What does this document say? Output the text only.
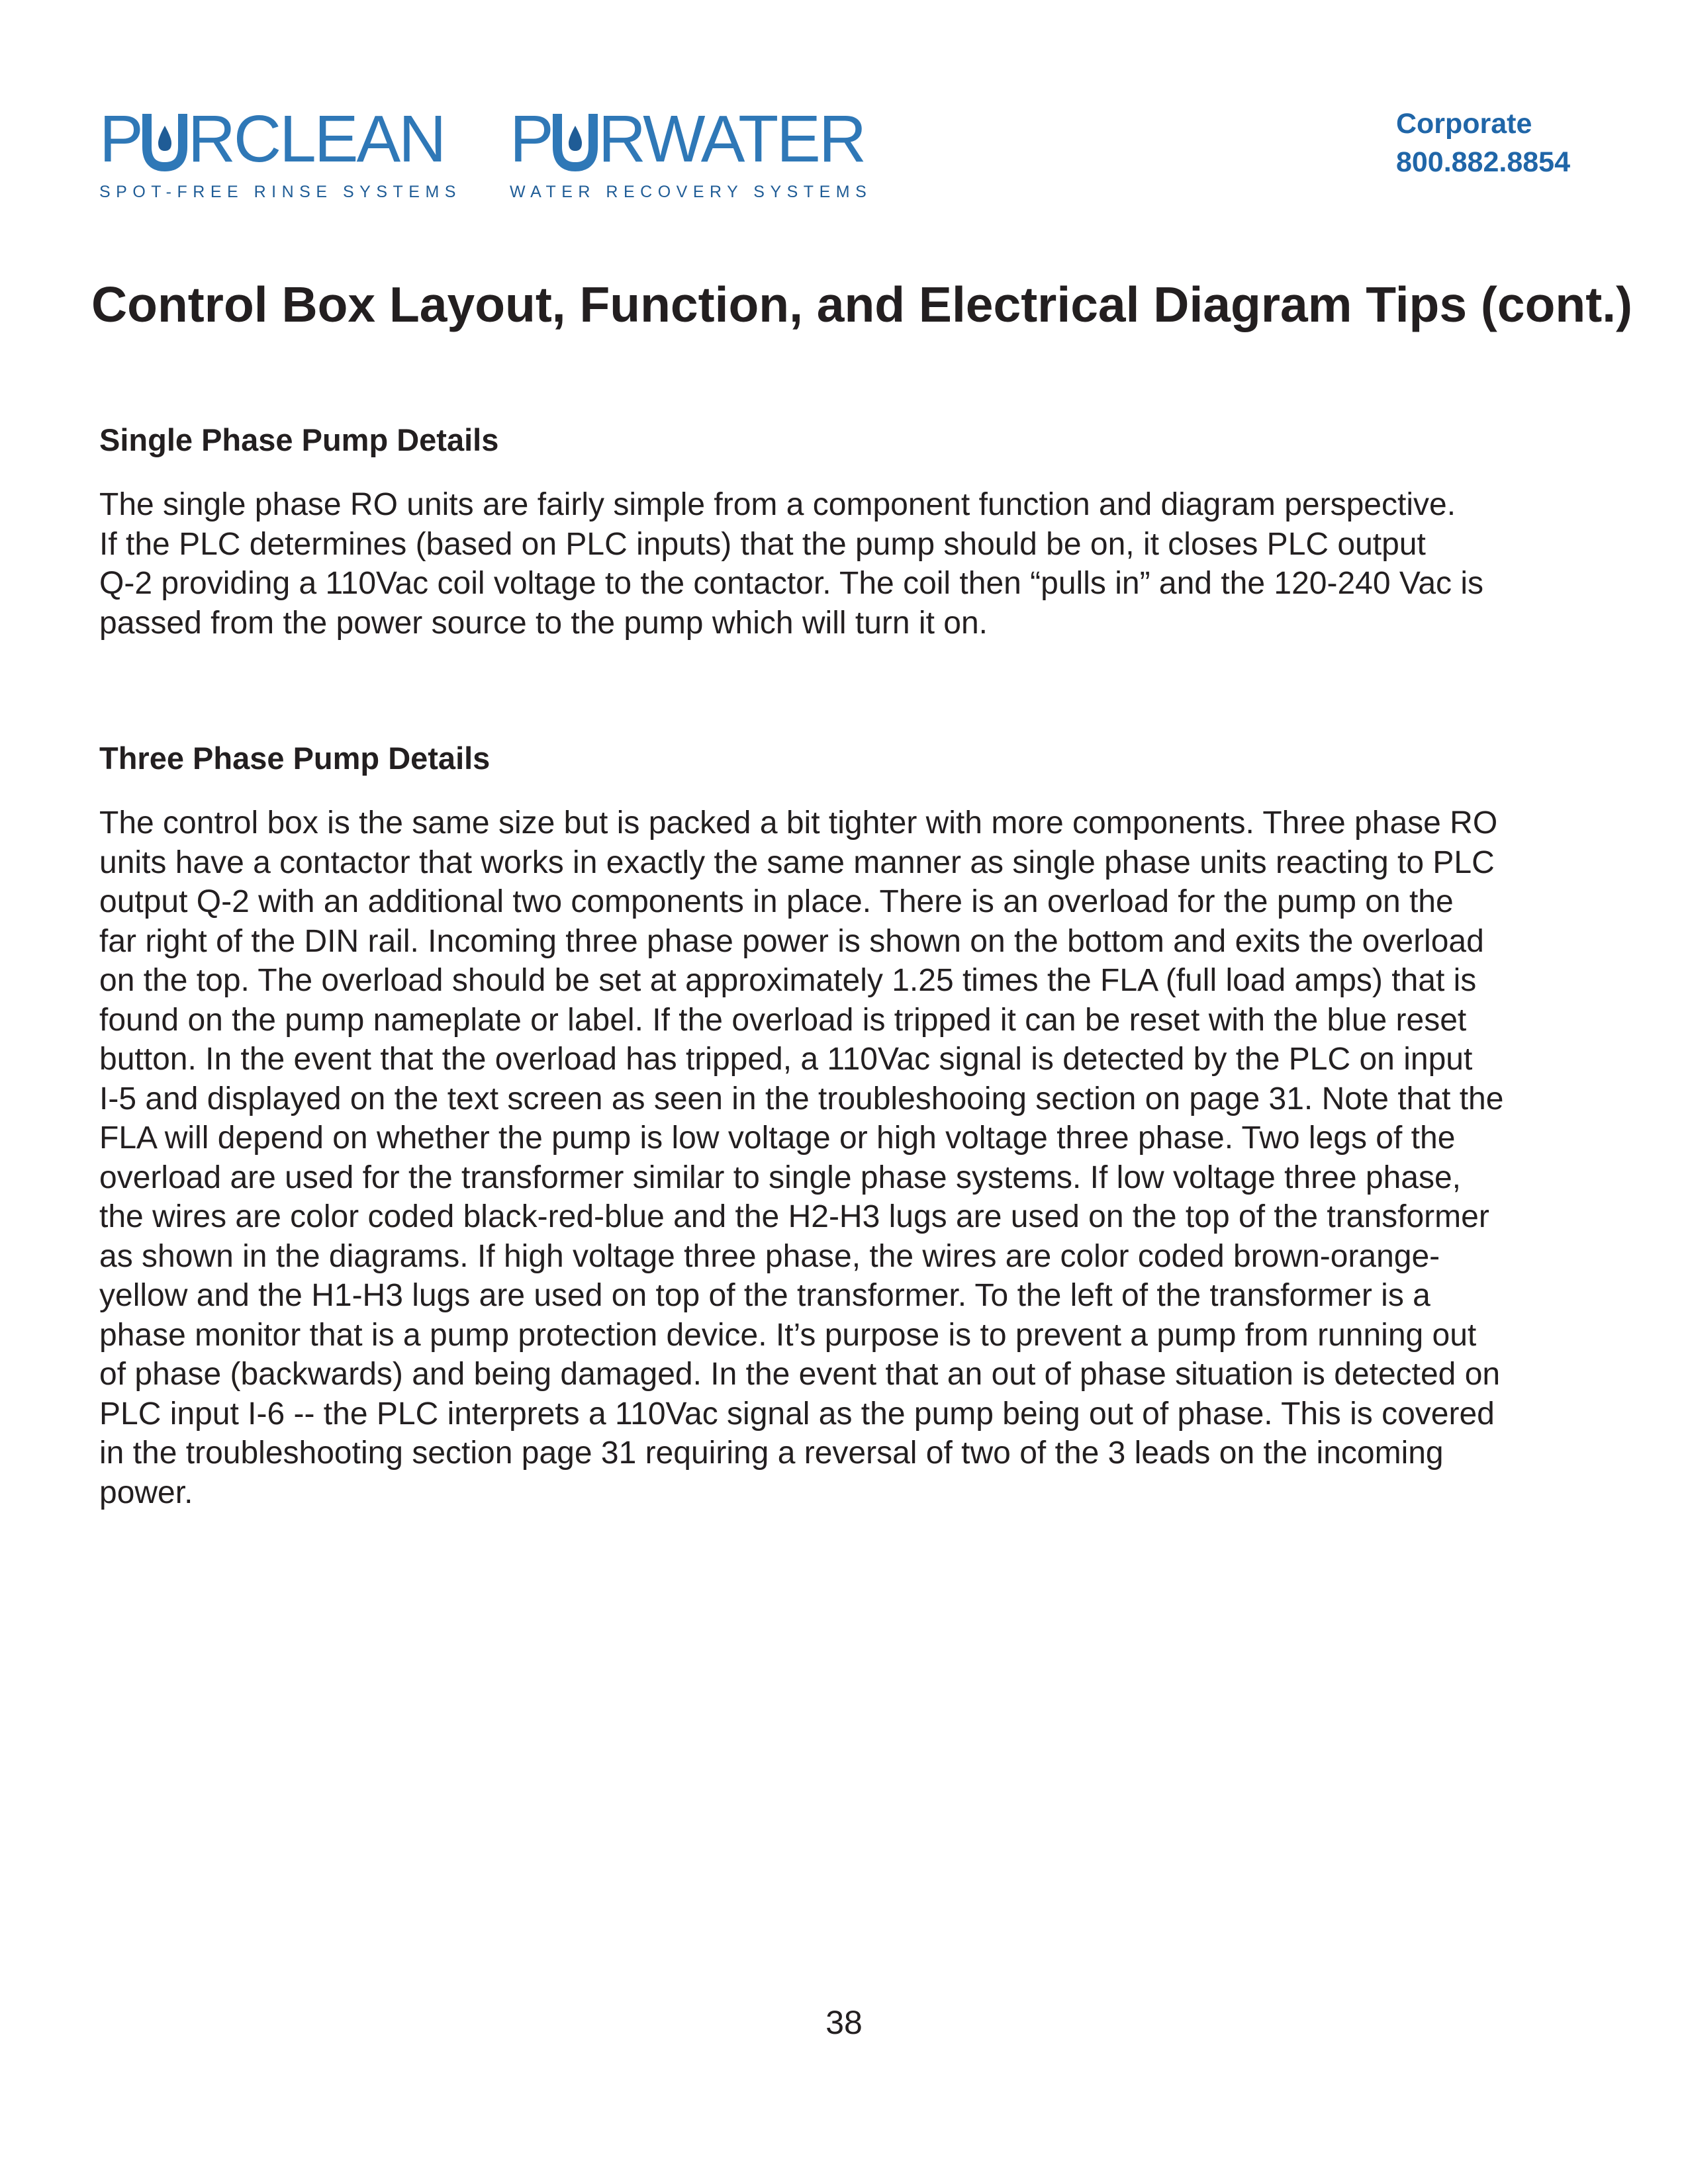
P RCLEAN
SPOT-FREE RINSE SYSTEMS
P RWATER
WATER RECOVERY SYSTEMS
Corporate
800.882.8854
Control Box Layout, Function, and Electrical Diagram Tips (cont.)
Single Phase Pump Details

The single phase RO units are fairly simple from a component function and diagram perspective.
If the PLC determines (based on PLC inputs) that the pump should be on, it closes PLC output
Q-2 providing a 110Vac coil voltage to the contactor. The coil then “pulls in” and the 120-240 Vac is
passed from the power source to the pump which will turn it on.

Three Phase Pump Details

The control box is the same size but is packed a bit tighter with more components. Three phase RO
units have a contactor that works in exactly the same manner as single phase units reacting to PLC
output Q-2 with an additional two components in place. There is an overload for the pump on the
far right of the DIN rail. Incoming three phase power is shown on the bottom and exits the overload
on the top. The overload should be set at approximately 1.25 times the FLA (full load amps) that is
found on the pump nameplate or label. If the overload is tripped it can be reset with the blue reset
button. In the event that the overload has tripped, a 110Vac signal is detected by the PLC on input
I-5 and displayed on the text screen as seen in the troubleshooing section on page 31. Note that the
FLA will depend on whether the pump is low voltage or high voltage three phase. Two legs of the
overload are used for the transformer similar to single phase systems. If low voltage three phase,
the wires are color coded black-red-blue and the H2-H3 lugs are used on the top of the transformer
as shown in the diagrams. If high voltage three phase, the wires are color coded brown-orange-
yellow and the H1-H3 lugs are used on top of the transformer. To the left of the transformer is a
phase monitor that is a pump protection device. It’s purpose is to prevent a pump from running out
of phase (backwards) and being damaged. In the event that an out of phase situation is detected on
PLC input I-6 -- the PLC interprets a 110Vac signal as the pump being out of phase. This is covered
in the troubleshooting section page 31 requiring a reversal of two of the 3 leads on the incoming
power.

38
